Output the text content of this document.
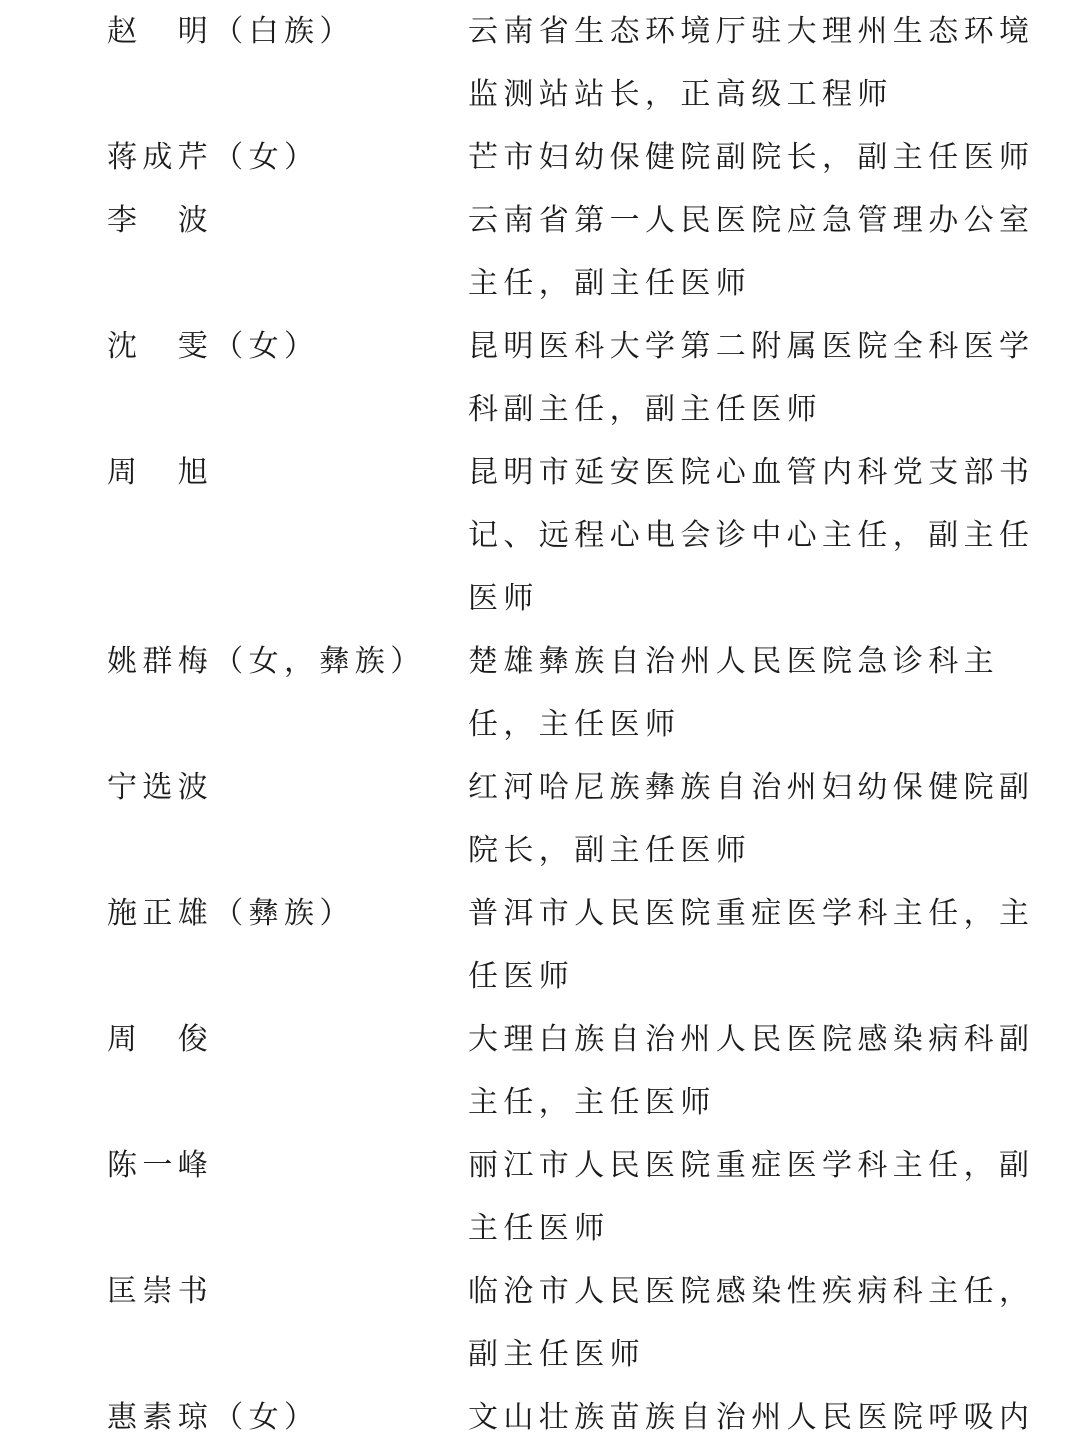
赵　明（白族）	云南省生态环境厅驻大理州生态环境监测站站长，正高级工程师
蒋成芹（女）	芒市妇幼保健院副院长，副主任医师
李　波	云南省第一人民医院应急管理办公室主任，副主任医师
沈　雯（女）	昆明医科大学第二附属医院全科医学科副主任，副主任医师
周　旭	昆明市延安医院心血管内科党支部书记、远程心电会诊中心主任，副主任医师
姚群梅（女，彝族）	楚雄彝族自治州人民医院急诊科主任，主任医师
宁选波	红河哈尼族彝族自治州妇幼保健院副院长，副主任医师
施正雄（彝族）	普洱市人民医院重症医学科主任，主任医师
周　俊	大理白族自治州人民医院感染病科副主任，主任医师
陈一峰	丽江市人民医院重症医学科主任，副主任医师
匡崇书	临沧市人民医院感染性疾病科主任，副主任医师
惠素琼（女）	文山壮族苗族自治州人民医院呼吸内
